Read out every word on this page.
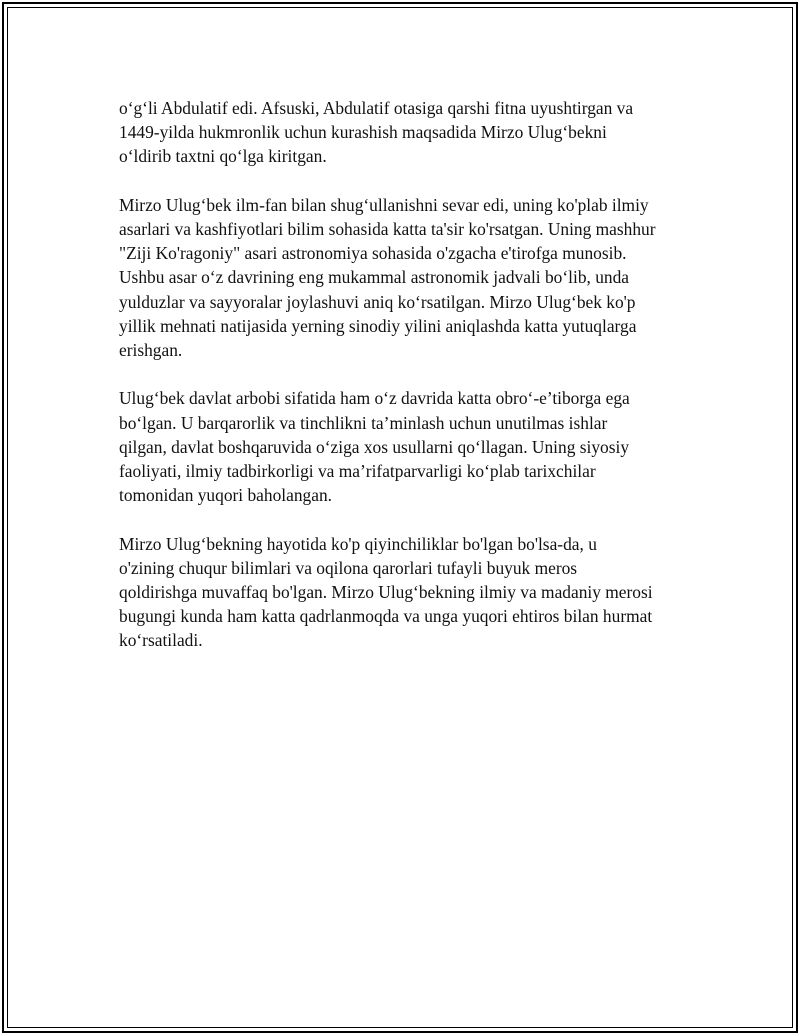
o‘g‘li Abdulatif edi. Afsuski, Abdulatif otasiga qarshi fitna uyushtirgan va
1449-yilda hukmronlik uchun kurashish maqsadida Mirzo Ulug‘bekni
o‘ldirib taxtni qo‘lga kiritgan.

Mirzo Ulug‘bek ilm-fan bilan shug‘ullanishni sevar edi, uning ko'plab ilmiy
asarlari va kashfiyotlari bilim sohasida katta ta'sir ko'rsatgan. Uning mashhur
"Ziji Ko'ragoniy" asari astronomiya sohasida o'zgacha e'tirofga munosib.
Ushbu asar o‘z davrining eng mukammal astronomik jadvali bo‘lib, unda
yulduzlar va sayyoralar joylashuvi aniq ko‘rsatilgan. Mirzo Ulug‘bek ko'p
yillik mehnati natijasida yerning sinodiy yilini aniqlashda katta yutuqlarga
erishgan.

Ulug‘bek davlat arbobi sifatida ham o‘z davrida katta obro‘-e’tiborga ega
bo‘lgan. U barqarorlik va tinchlikni ta’minlash uchun unutilmas ishlar
qilgan, davlat boshqaruvida o‘ziga xos usullarni qo‘llagan. Uning siyosiy
faoliyati, ilmiy tadbirkorligi va ma’rifatparvarligi ko‘plab tarixchilar
tomonidan yuqori baholangan.

Mirzo Ulug‘bekning hayotida ko'p qiyinchiliklar bo'lgan bo'lsa-da, u
o'zining chuqur bilimlari va oqilona qarorlari tufayli buyuk meros
qoldirishga muvaffaq bo'lgan. Mirzo Ulug‘bekning ilmiy va madaniy merosi
bugungi kunda ham katta qadrlanmoqda va unga yuqori ehtiros bilan hurmat
ko‘rsatiladi.
